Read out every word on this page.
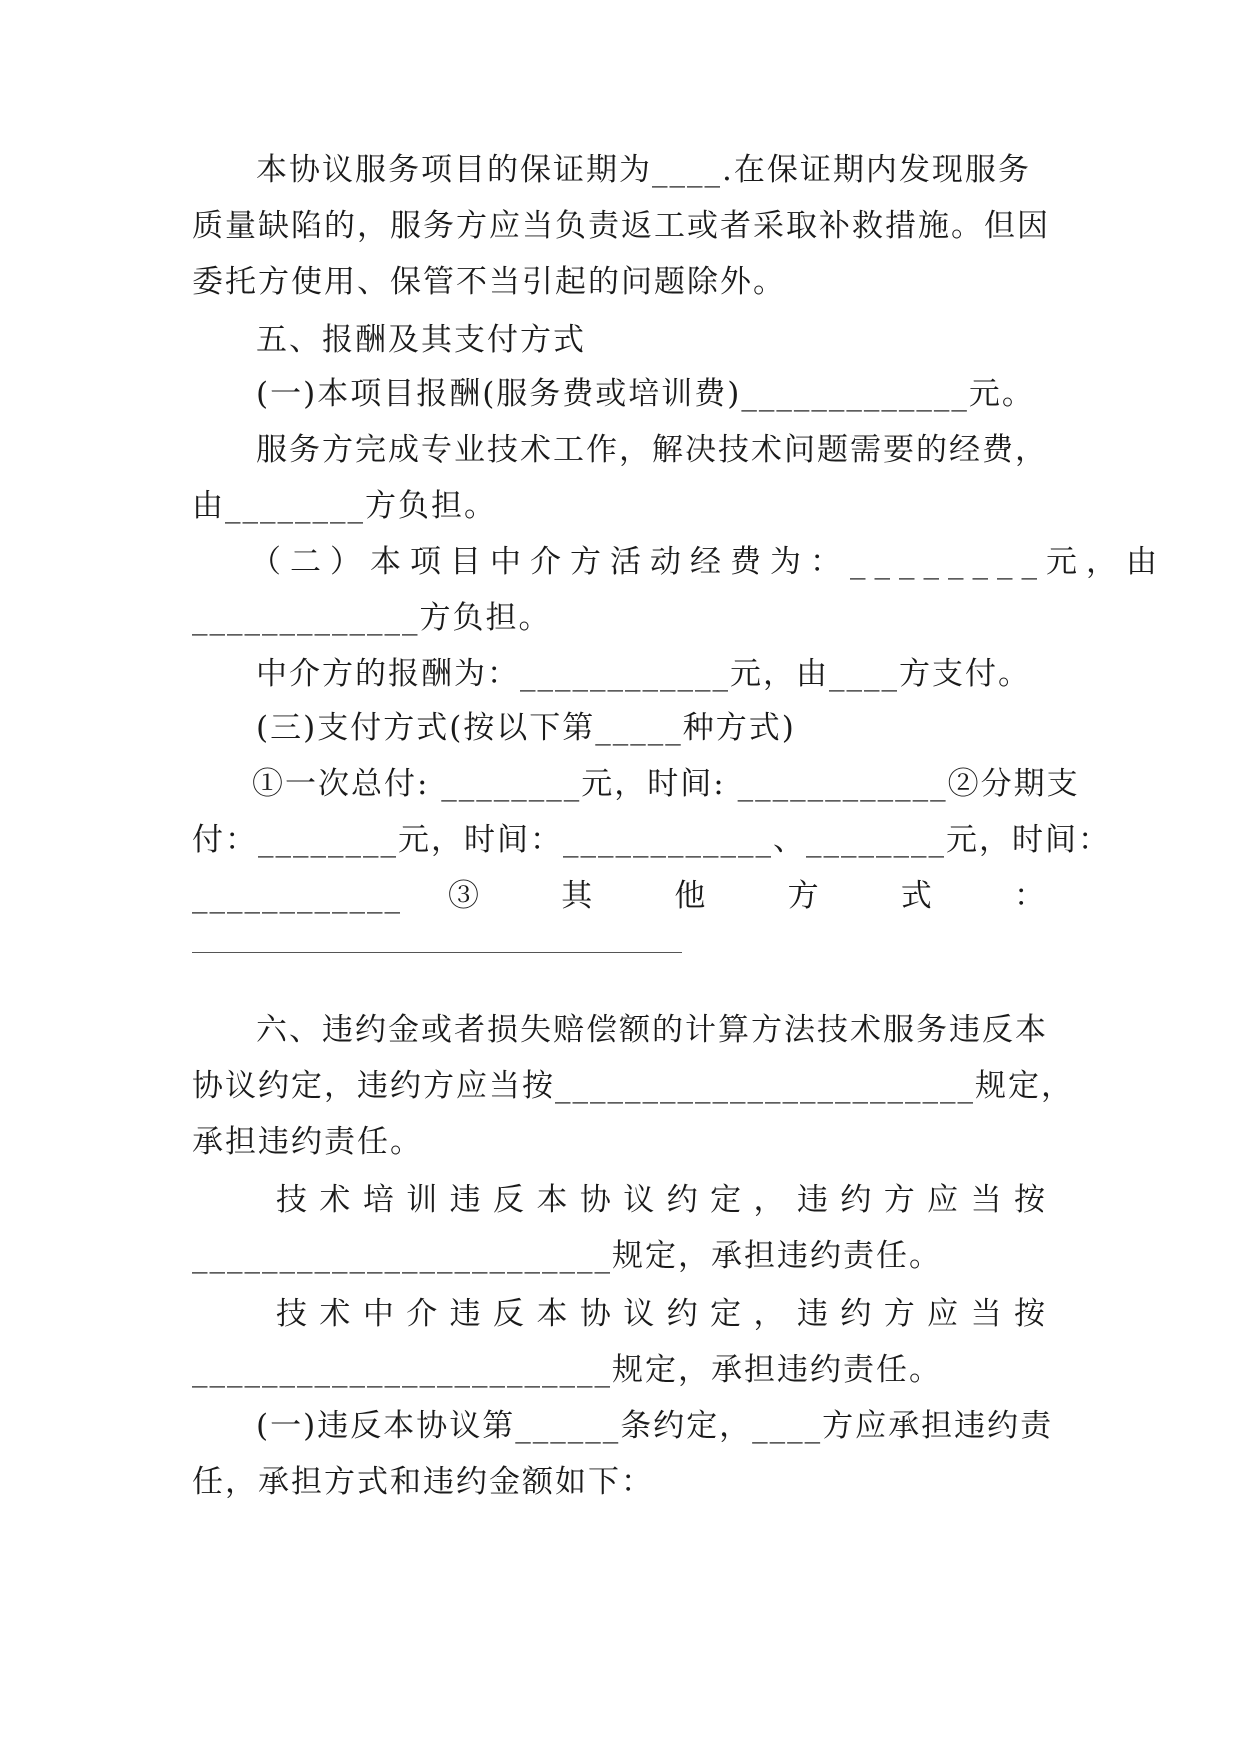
本协议服务项目的保证期为____.在保证期内发现服务
质量缺陷的，服务方应当负责返工或者采取补救措施。但因
委托方使用、保管不当引起的问题除外。
五、报酬及其支付方式
(一)本项目报酬(服务费或培训费)_____________元。
服务方完成专业技术工作，解决技术问题需要的经费，
由________方负担。
（二）本项目中介方活动经费为：________元，由
_____________方负担。
中介方的报酬为：____________元，由____方支付。
(三)支付方式(按以下第_____种方式)
①一次总付: ________元，时间: ____________②分期支
付：________元，时间：____________、________元，时间：
____________ ③ 其 他 方 式 ：
六、违约金或者损失赔偿额的计算方法技术服务违反本
协议约定，违约方应当按________________________规定，
承担违约责任。
技术培训违反本协议约定，违约方应当按
________________________规定，承担违约责任。
技术中介违反本协议约定，违约方应当按
________________________规定，承担违约责任。
(一)违反本协议第______条约定，____方应承担违约责
任，承担方式和违约金额如下：
